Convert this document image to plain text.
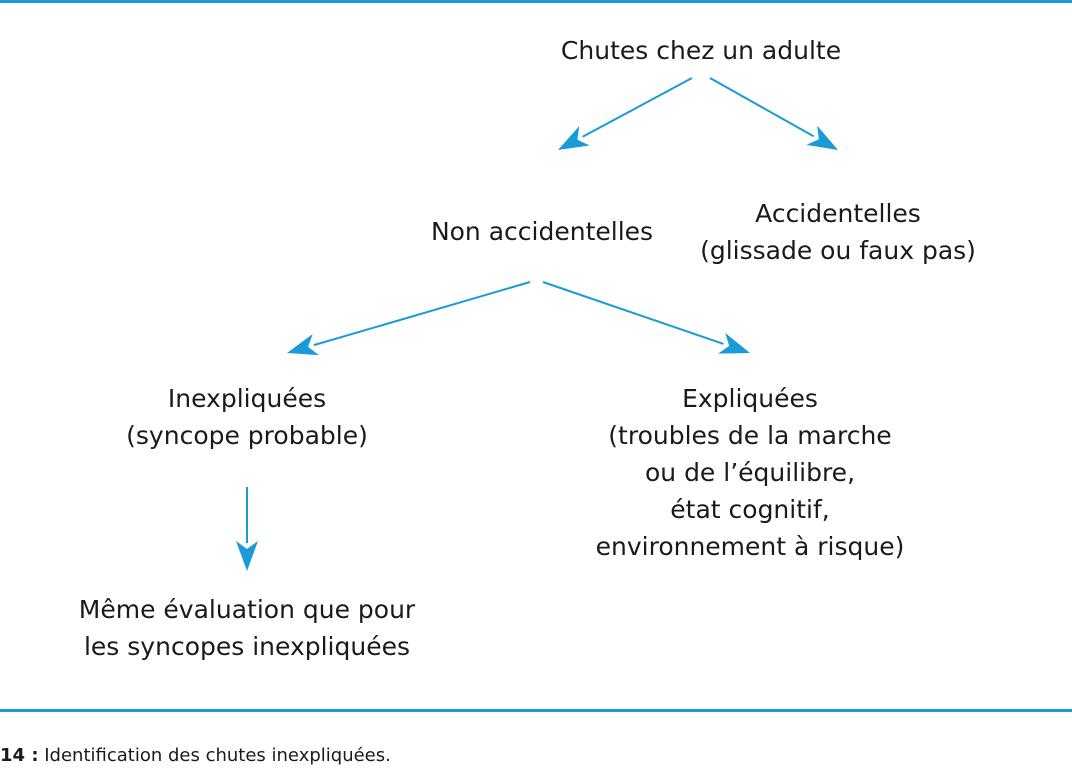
Chutes chez un adulte
Non accidentelles
Accidentelles
(glissade ou faux pas)
Inexpliquées
(syncope probable)
Expliquées
(troubles de la marche
ou de l’équilibre,
état cognitif,
environnement à risque)
Même évaluation que pour
les syncopes inexpliquées
14 : Identification des chutes inexpliquées.
